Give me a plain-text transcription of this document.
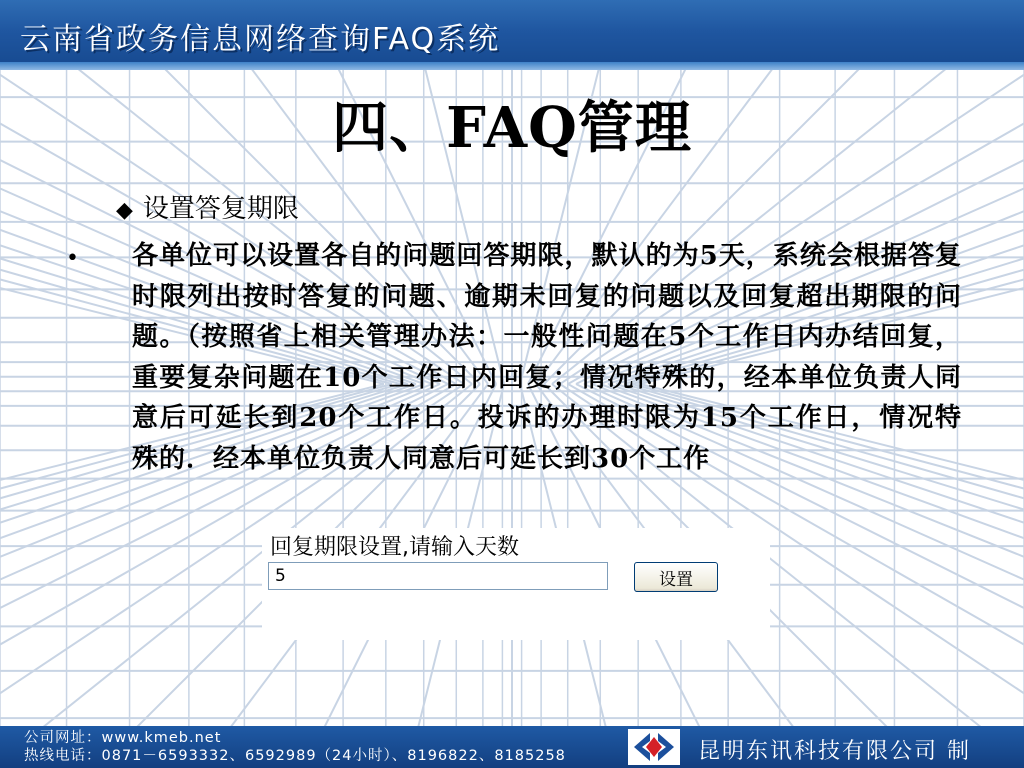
云南省政务信息网络查询FAQ系统
四、FAQ管理
◆ 设置答复期限
• 各单位可以设置各自的问题回答期限，默认的为5天，系统会根据答复时限列出按时答复的问题、逾期未回复的问题以及回复超出期限的问题。（按照省上相关管理办法：一般性问题在5个工作日内办结回复，重要复杂问题在10个工作日内回复；情况特殊的，经本单位负责人同意后可延长到20个工作日。投诉的办理时限为15个工作日，情况特殊的．经本单位负责人同意后可延长到30个工作
回复期限设置,请输入天数
5
设置
公司网址：www.kmeb.net
热线电话：0871－6593332、6592989（24小时）、8196822、8185258	昆明东讯科技有限公司 制
